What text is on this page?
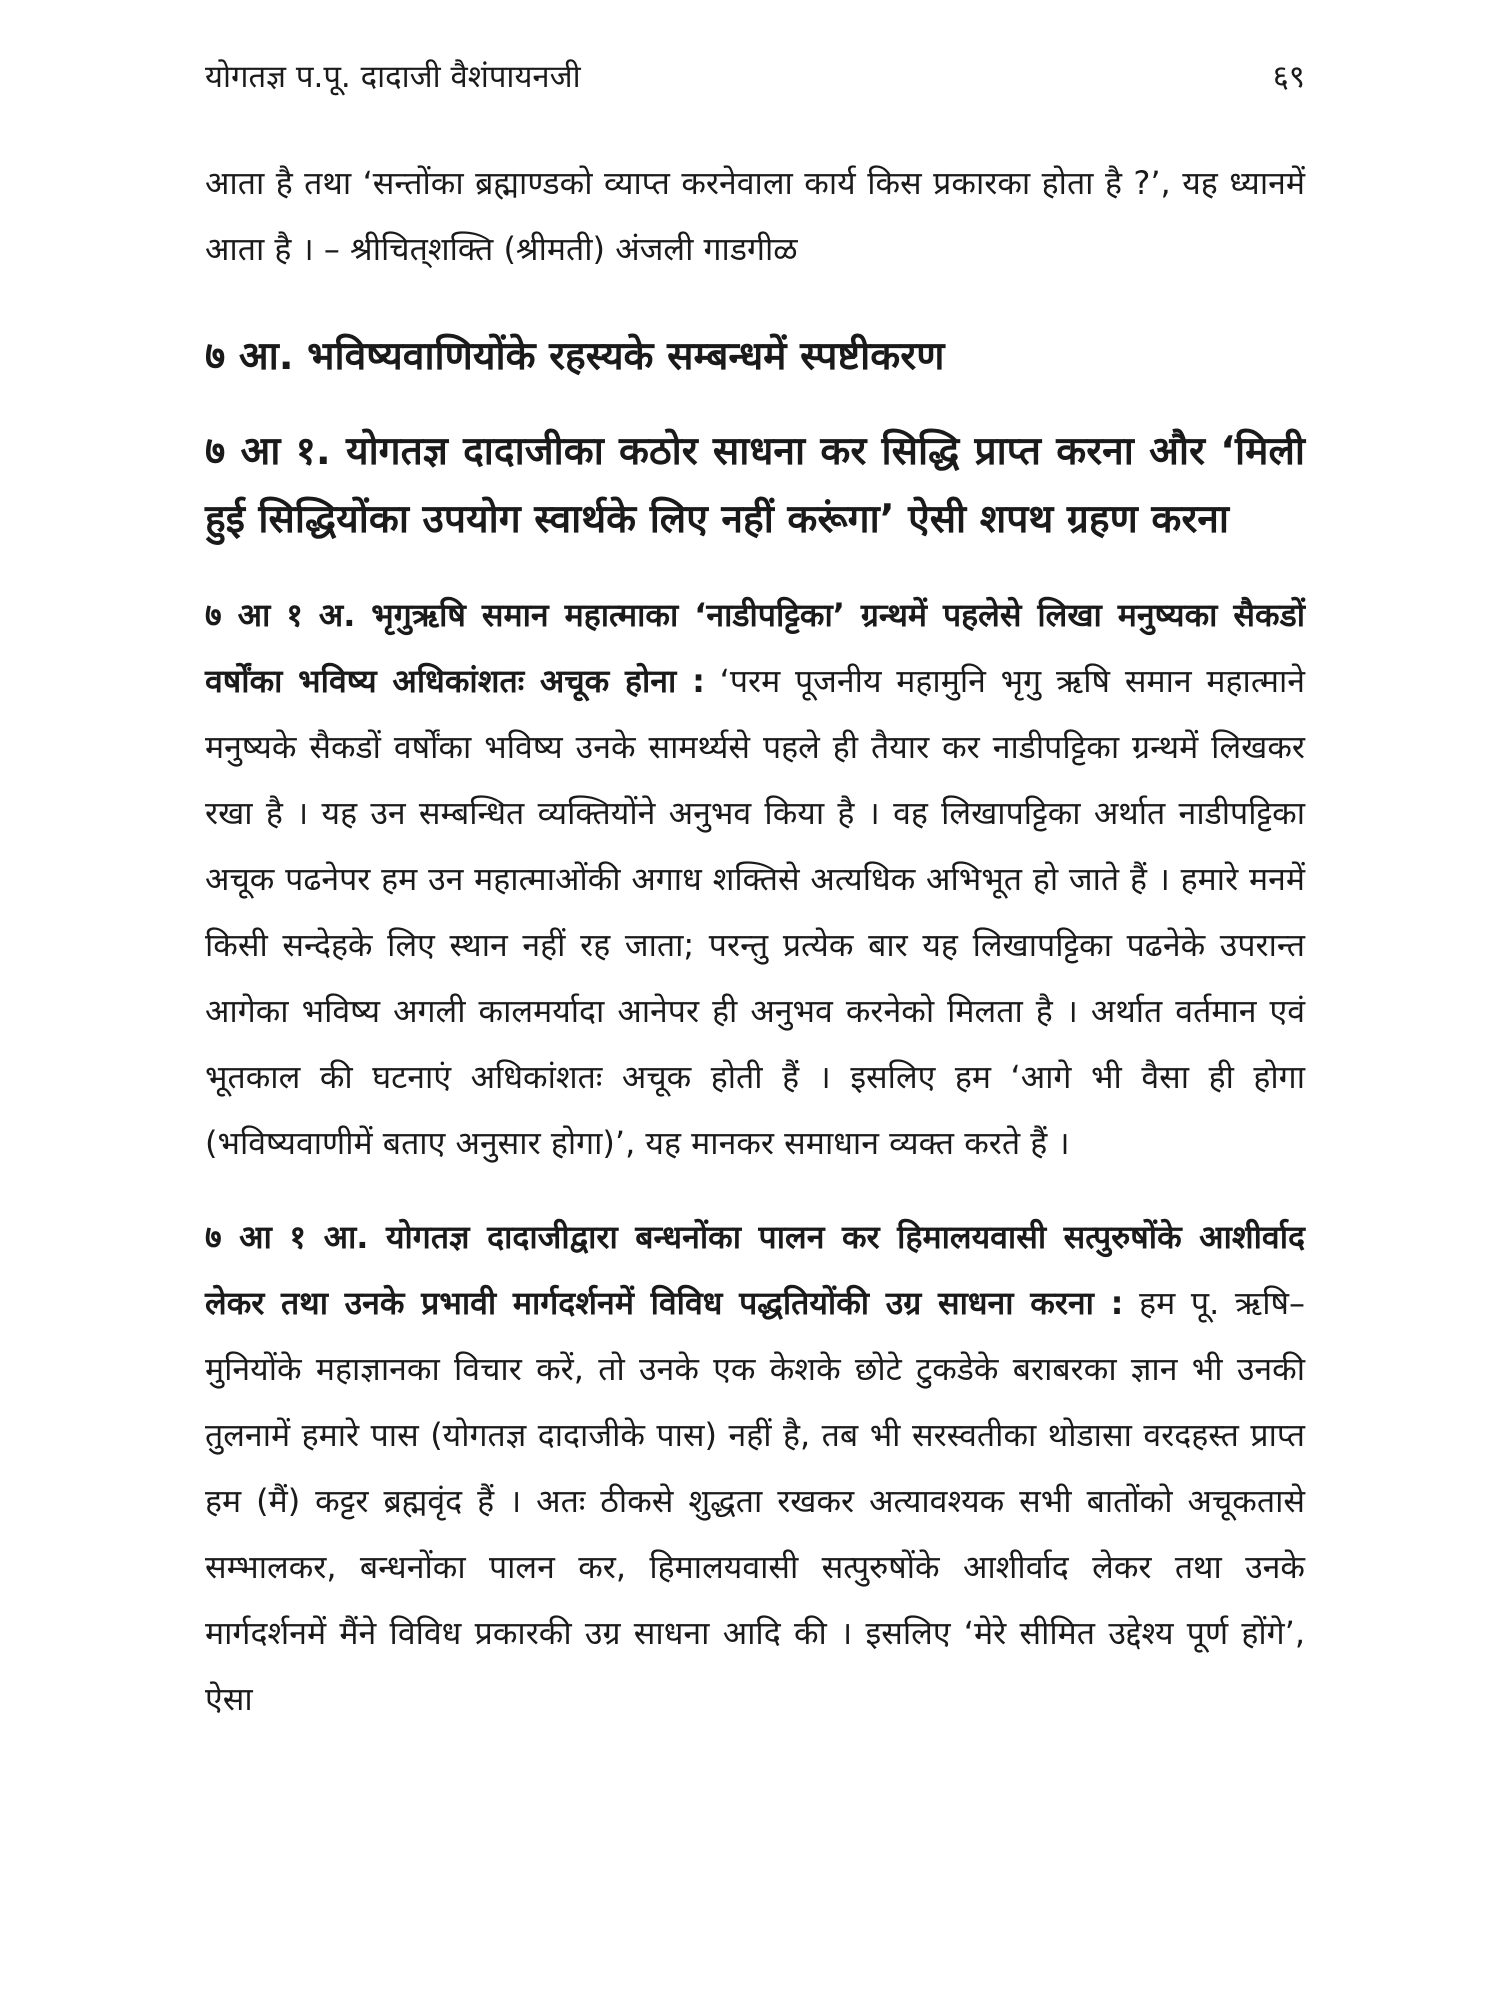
योगतज्ञ प.पू. दादाजी वैशंपायनजी	६९

आता है तथा ‘सन्तोंका ब्रह्माण्डको व्याप्त करनेवाला कार्य किस प्रकारका होता है ?’, यह ध्यानमें आता है । – श्रीचित्‌शक्ति (श्रीमती) अंजली गाडगीळ

७ आ. भविष्यवाणियोंके रहस्यके सम्बन्धमें स्पष्टीकरण
७ आ १. योगतज्ञ दादाजीका कठोर साधना कर सिद्धि प्राप्त करना और ‘मिली हुई सिद्धियोंका उपयोग स्वार्थके लिए नहीं करूंगा’ ऐसी शपथ ग्रहण करना

७ आ १ अ. भृगुऋषि समान महात्माका ‘नाडीपट्टिका’ ग्रन्थमें पहलेसे लिखा मनुष्यका सैकडों वर्षोंका भविष्य अधिकांशतः अचूक होना : ‘परम पूजनीय महामुनि भृगु ऋषि समान महात्माने मनुष्यके सैकडों वर्षोंका भविष्य उनके सामर्थ्यसे पहले ही तैयार कर नाडीपट्टिका ग्रन्थमें लिखकर रखा है । यह उन सम्बन्धित व्यक्तियोंने अनुभव किया है । वह लिखापट्टिका अर्थात नाडीपट्टिका अचूक पढनेपर हम उन महात्माओंकी अगाध शक्तिसे अत्यधिक अभिभूत हो जाते हैं । हमारे मनमें किसी सन्देहके लिए स्थान नहीं रह जाता; परन्तु प्रत्येक बार यह लिखापट्टिका पढनेके उपरान्त आगेका भविष्य अगली कालमर्यादा आनेपर ही अनुभव करनेको मिलता है । अर्थात वर्तमान एवं भूतकाल की घटनाएं अधिकांशतः अचूक होती हैं । इसलिए हम ‘आगे भी वैसा ही होगा (भविष्यवाणीमें बताए अनुसार होगा)’, यह मानकर समाधान व्यक्त करते हैं ।

७ आ १ आ. योगतज्ञ दादाजीद्वारा बन्धनोंका पालन कर हिमालयवासी सत्पुरुषोंके आशीर्वाद लेकर तथा उनके प्रभावी मार्गदर्शनमें विविध पद्धतियोंकी उग्र साधना करना : हम पू. ऋषि–मुनियोंके महाज्ञानका विचार करें, तो उनके एक केशके छोटे टुकडेके बराबरका ज्ञान भी उनकी तुलनामें हमारे पास (योगतज्ञ दादाजीके पास) नहीं है, तब भी सरस्वतीका थोडासा वरदहस्त प्राप्त हम (मैं) कट्टर ब्रह्मवृंद हैं । अतः ठीकसे शुद्धता रखकर अत्यावश्यक सभी बातोंको अचूकतासे सम्भालकर, बन्धनोंका पालन कर, हिमालयवासी सत्पुरुषोंके आशीर्वाद लेकर तथा उनके मार्गदर्शनमें मैंने विविध प्रकारकी उग्र साधना आदि की । इसलिए ‘मेरे सीमित उद्देश्य पूर्ण होंगे’, ऐसा
